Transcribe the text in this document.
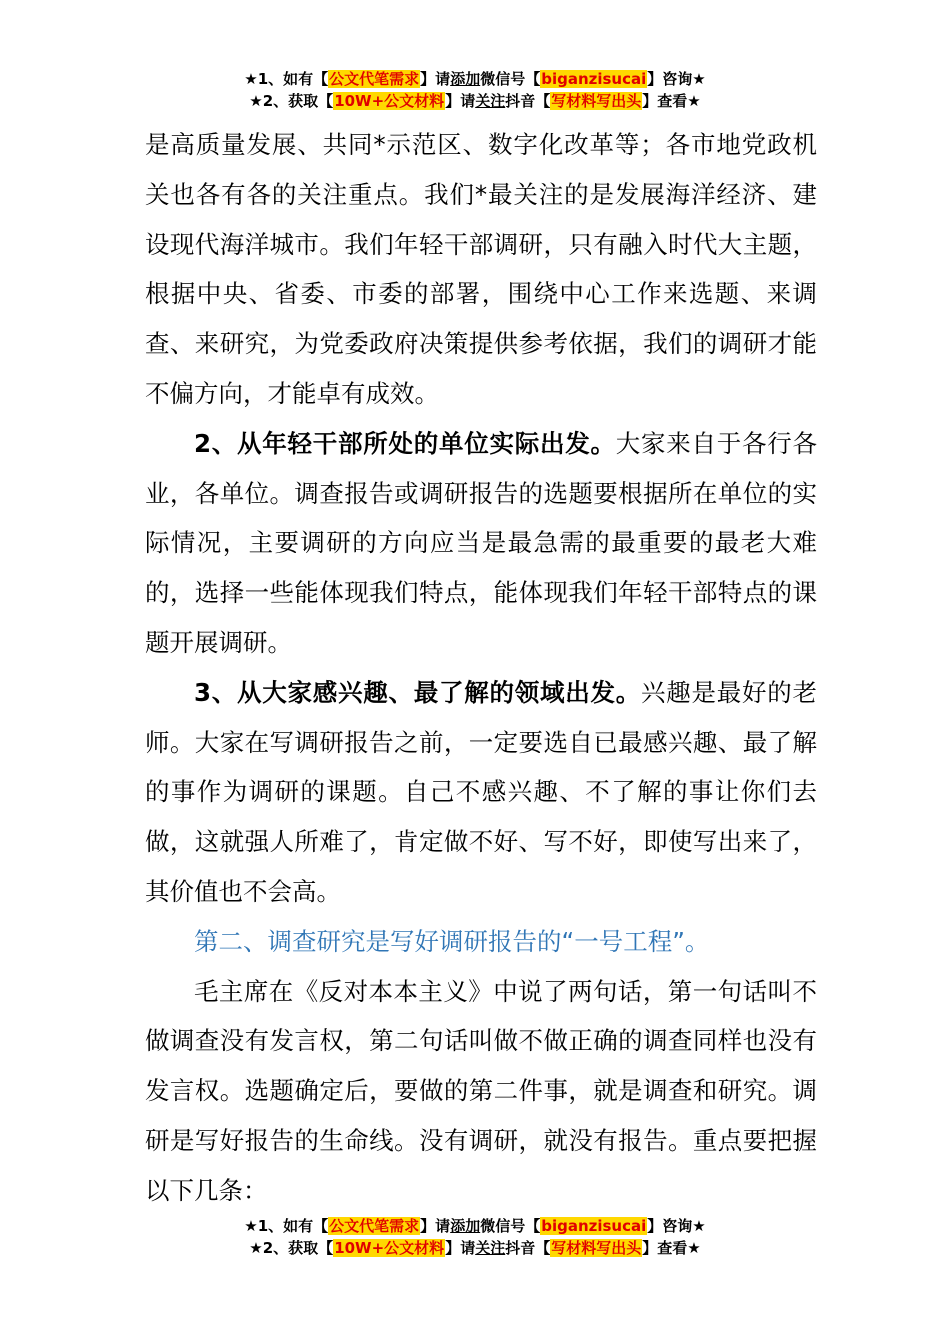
★1、如有【公文代笔需求】请添加微信号【biganzisucai】咨询★
★2、获取【10W+公文材料】请关注抖音【写材料写出头】查看★

是高质量发展、共同*示范区、数字化改革等；各市地党政机关也各有各的关注重点。我们*最关注的是发展海洋经济、建设现代海洋城市。我们年轻干部调研，只有融入时代大主题，根据中央、省委、市委的部署，围绕中心工作来选题、来调查、来研究，为党委政府决策提供参考依据，我们的调研才能不偏方向，才能卓有成效。

2、从年轻干部所处的单位实际出发。大家来自于各行各业，各单位。调查报告或调研报告的选题要根据所在单位的实际情况，主要调研的方向应当是最急需的最重要的最老大难的，选择一些能体现我们特点，能体现我们年轻干部特点的课题开展调研。

3、从大家感兴趣、最了解的领域出发。兴趣是最好的老师。大家在写调研报告之前，一定要选自已最感兴趣、最了解的事作为调研的课题。自己不感兴趣、不了解的事让你们去做，这就强人所难了，肯定做不好、写不好，即使写出来了，其价值也不会高。

第二、调查研究是写好调研报告的“一号工程”。

毛主席在《反对本本主义》中说了两句话，第一句话叫不做调查没有发言权，第二句话叫做不做正确的调查同样也没有发言权。选题确定后，要做的第二件事，就是调查和研究。调研是写好报告的生命线。没有调研，就没有报告。重点要把握以下几条：

★1、如有【公文代笔需求】请添加微信号【biganzisucai】咨询★
★2、获取【10W+公文材料】请关注抖音【写材料写出头】查看★
